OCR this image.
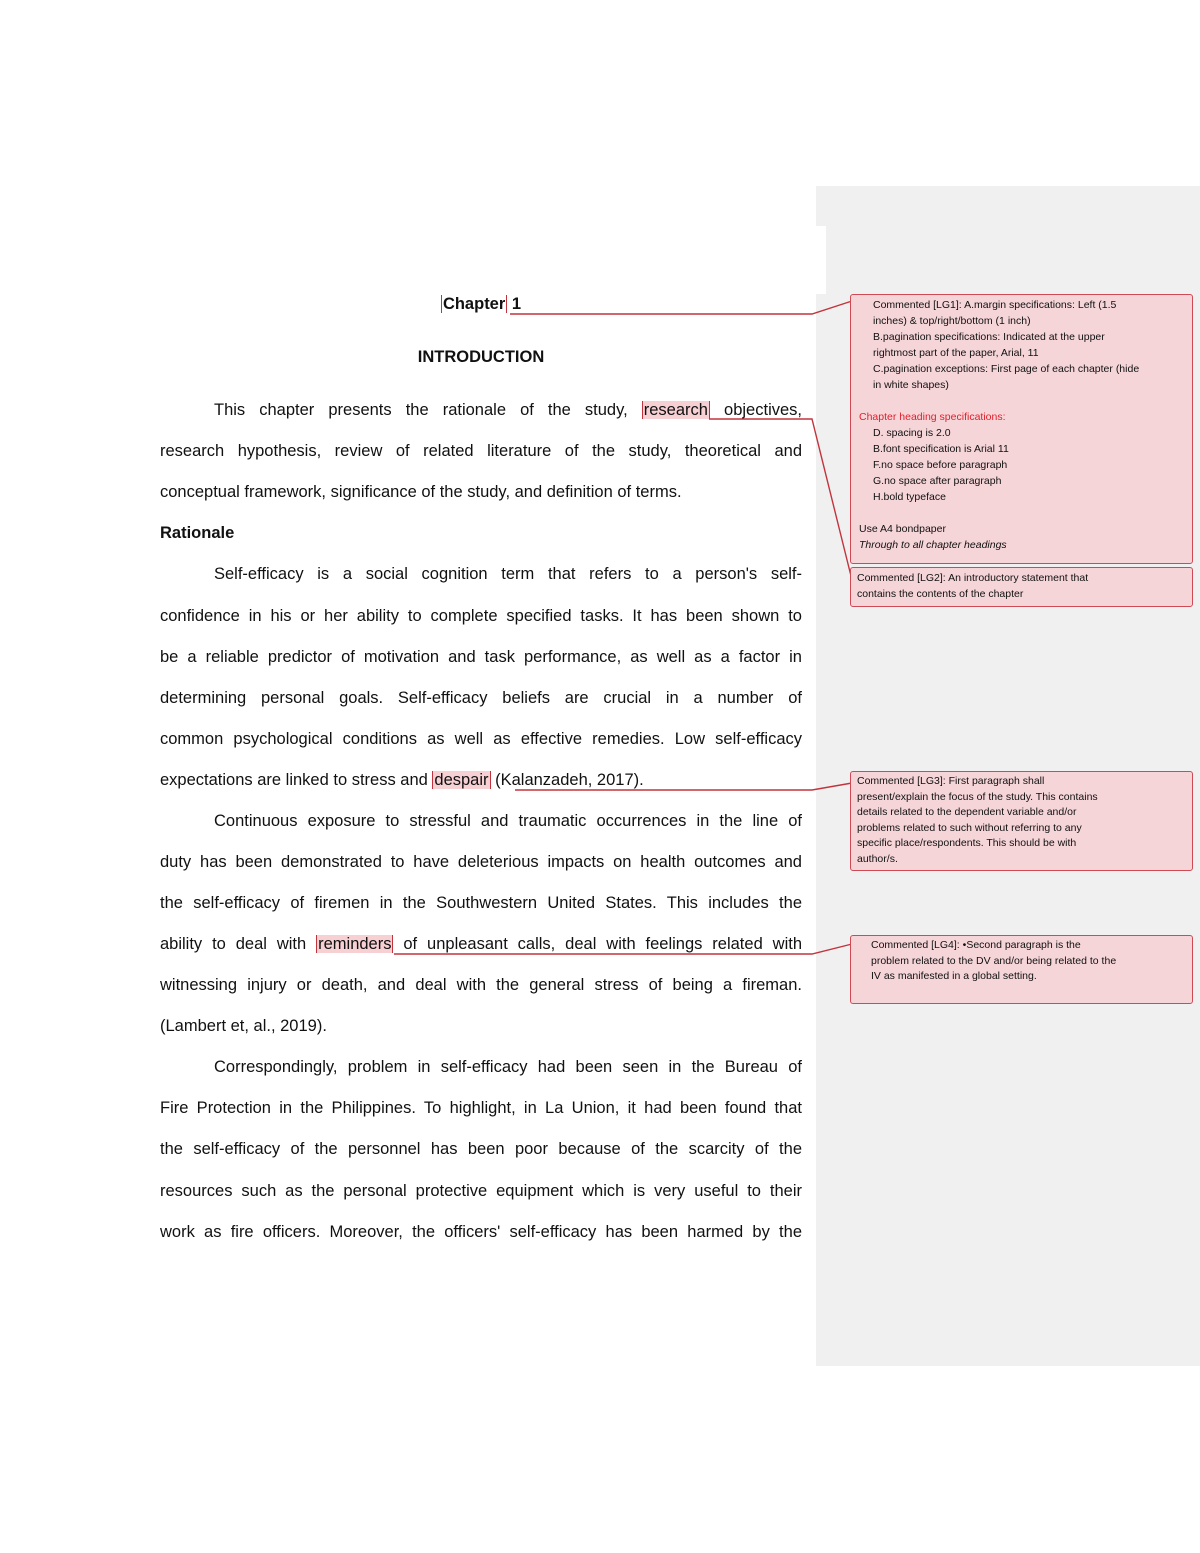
Chapter 1
INTRODUCTION
This chapter presents the rationale of the study, research objectives,
research hypothesis, review of related literature of the study, theoretical and
conceptual framework, significance of the study, and definition of terms.
Rationale
Self-efficacy is a social cognition term that refers to a person's self-
confidence in his or her ability to complete specified tasks. It has been shown to
be a reliable predictor of motivation and task performance, as well as a factor in
determining personal goals. Self-efficacy beliefs are crucial in a number of
common psychological conditions as well as effective remedies. Low self-efficacy
expectations are linked to stress and despair (Kalanzadeh, 2017).
Continuous exposure to stressful and traumatic occurrences in the line of
duty has been demonstrated to have deleterious impacts on health outcomes and
the self-efficacy of firemen in the Southwestern United States. This includes the
ability to deal with reminders of unpleasant calls, deal with feelings related with
witnessing injury or death, and deal with the general stress of being a fireman.
(Lambert et, al., 2019).
Correspondingly, problem in self-efficacy had been seen in the Bureau of
Fire Protection in the Philippines. To highlight, in La Union, it had been found that
the self-efficacy of the personnel has been poor because of the scarcity of the
resources such as the personal protective equipment which is very useful to their
work as fire officers. Moreover, the officers' self-efficacy has been harmed by the
Commented [LG1]: A.margin specifications: Left (1.5
inches) & top/right/bottom (1 inch)
B.pagination specifications: Indicated at the upper
rightmost part of the paper, Arial, 11
C.pagination exceptions: First page of each chapter (hide
in white shapes)
Chapter heading specifications:
D. spacing is 2.0
B.font specification is Arial 11
F.no space before paragraph
G.no space after paragraph
H.bold typeface
Use A4 bondpaper
Through to all chapter headings
Commented [LG2]: An introductory statement that
contains the contents of the chapter
Commented [LG3]: First paragraph shall
present/explain the focus of the study. This contains
details related to the dependent variable and/or
problems related to such without referring to any
specific place/respondents. This should be with
author/s.
Commented [LG4]: •Second paragraph is the
problem related to the DV and/or being related to the
IV as manifested in a global setting.
